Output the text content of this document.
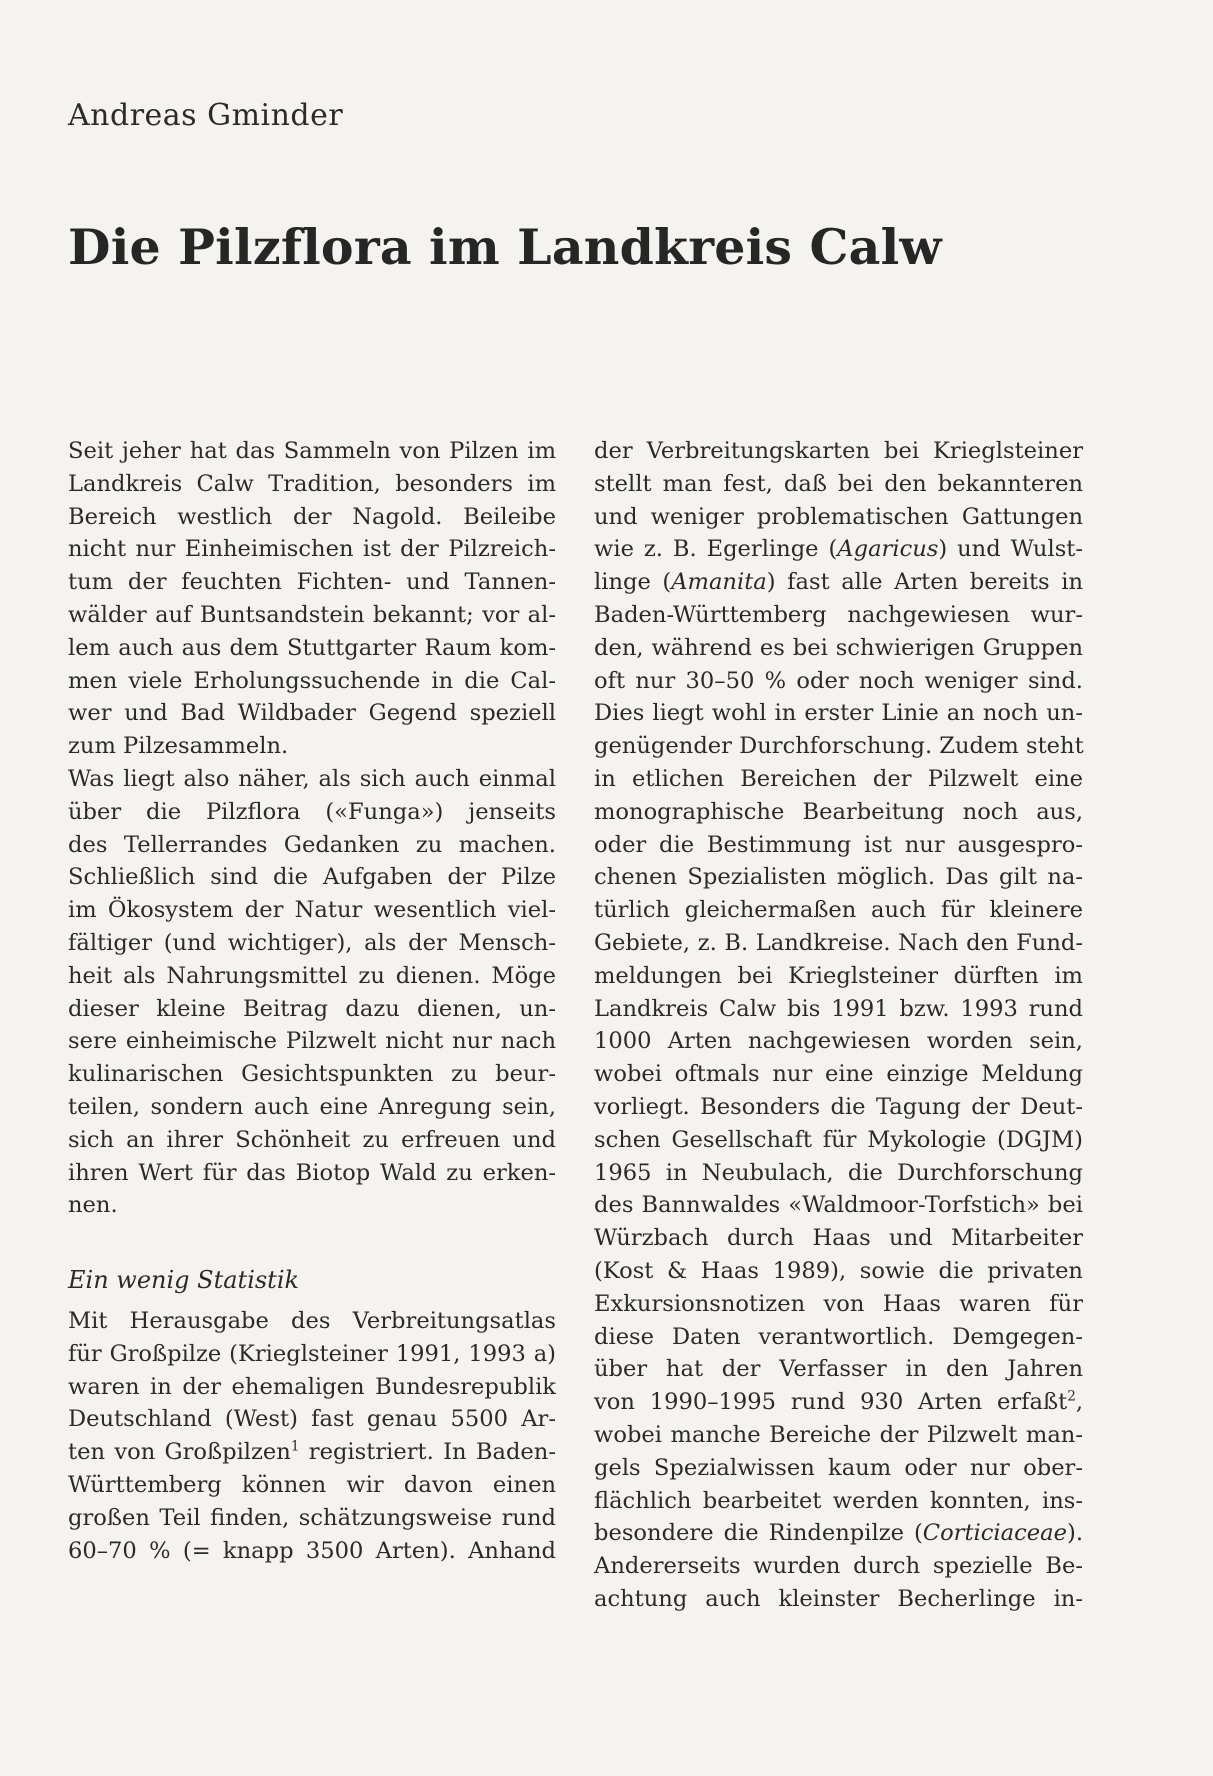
Andreas Gminder
Die Pilzflora im Landkreis Calw
Seit jeher hat das Sammeln von Pilzen im
Landkreis Calw Tradition, besonders im
Bereich westlich der Nagold. Beileibe
nicht nur Einheimischen ist der Pilzreich-
tum der feuchten Fichten- und Tannen-
wälder auf Buntsandstein bekannt; vor al-
lem auch aus dem Stuttgarter Raum kom-
men viele Erholungssuchende in die Cal-
wer und Bad Wildbader Gegend speziell
zum Pilzesammeln.
Was liegt also näher, als sich auch einmal
über die Pilzflora («Funga») jenseits
des Tellerrandes Gedanken zu machen.
Schließlich sind die Aufgaben der Pilze
im Ökosystem der Natur wesentlich viel-
fältiger (und wichtiger), als der Mensch-
heit als Nahrungsmittel zu dienen. Möge
dieser kleine Beitrag dazu dienen, un-
sere einheimische Pilzwelt nicht nur nach
kulinarischen Gesichtspunkten zu beur-
teilen, sondern auch eine Anregung sein,
sich an ihrer Schönheit zu erfreuen und
ihren Wert für das Biotop Wald zu erken-
nen.
Ein wenig Statistik
Mit Herausgabe des Verbreitungsatlas
für Großpilze (Krieglsteiner 1991, 1993 a)
waren in der ehemaligen Bundesrepublik
Deutschland (West) fast genau 5500 Ar-
ten von Großpilzen$^1$ registriert. In Baden-
Württemberg können wir davon einen
großen Teil finden, schätzungsweise rund
60–70 % (= knapp 3500 Arten). Anhand
der Verbreitungskarten bei Krieglsteiner
stellt man fest, daß bei den bekannteren
und weniger problematischen Gattungen
wie z. B. Egerlinge (Agaricus) und Wulst-
linge (Amanita) fast alle Arten bereits in
Baden-Württemberg nachgewiesen wur-
den, während es bei schwierigen Gruppen
oft nur 30–50 % oder noch weniger sind.
Dies liegt wohl in erster Linie an noch un-
genügender Durchforschung. Zudem steht
in etlichen Bereichen der Pilzwelt eine
monographische Bearbeitung noch aus,
oder die Bestimmung ist nur ausgespro-
chenen Spezialisten möglich. Das gilt na-
türlich gleichermaßen auch für kleinere
Gebiete, z. B. Landkreise. Nach den Fund-
meldungen bei Krieglsteiner dürften im
Landkreis Calw bis 1991 bzw. 1993 rund
1000 Arten nachgewiesen worden sein,
wobei oftmals nur eine einzige Meldung
vorliegt. Besonders die Tagung der Deut-
schen Gesellschaft für Mykologie (DGJM)
1965 in Neubulach, die Durchforschung
des Bannwaldes «Waldmoor-Torfstich» bei
Würzbach durch Haas und Mitarbeiter
(Kost & Haas 1989), sowie die privaten
Exkursionsnotizen von Haas waren für
diese Daten verantwortlich. Demgegen-
über hat der Verfasser in den Jahren
von 1990–1995 rund 930 Arten erfaßt$^2$,
wobei manche Bereiche der Pilzwelt man-
gels Spezialwissen kaum oder nur ober-
flächlich bearbeitet werden konnten, ins-
besondere die Rindenpilze (Corticiaceae).
Andererseits wurden durch spezielle Be-
achtung auch kleinster Becherlinge in-
